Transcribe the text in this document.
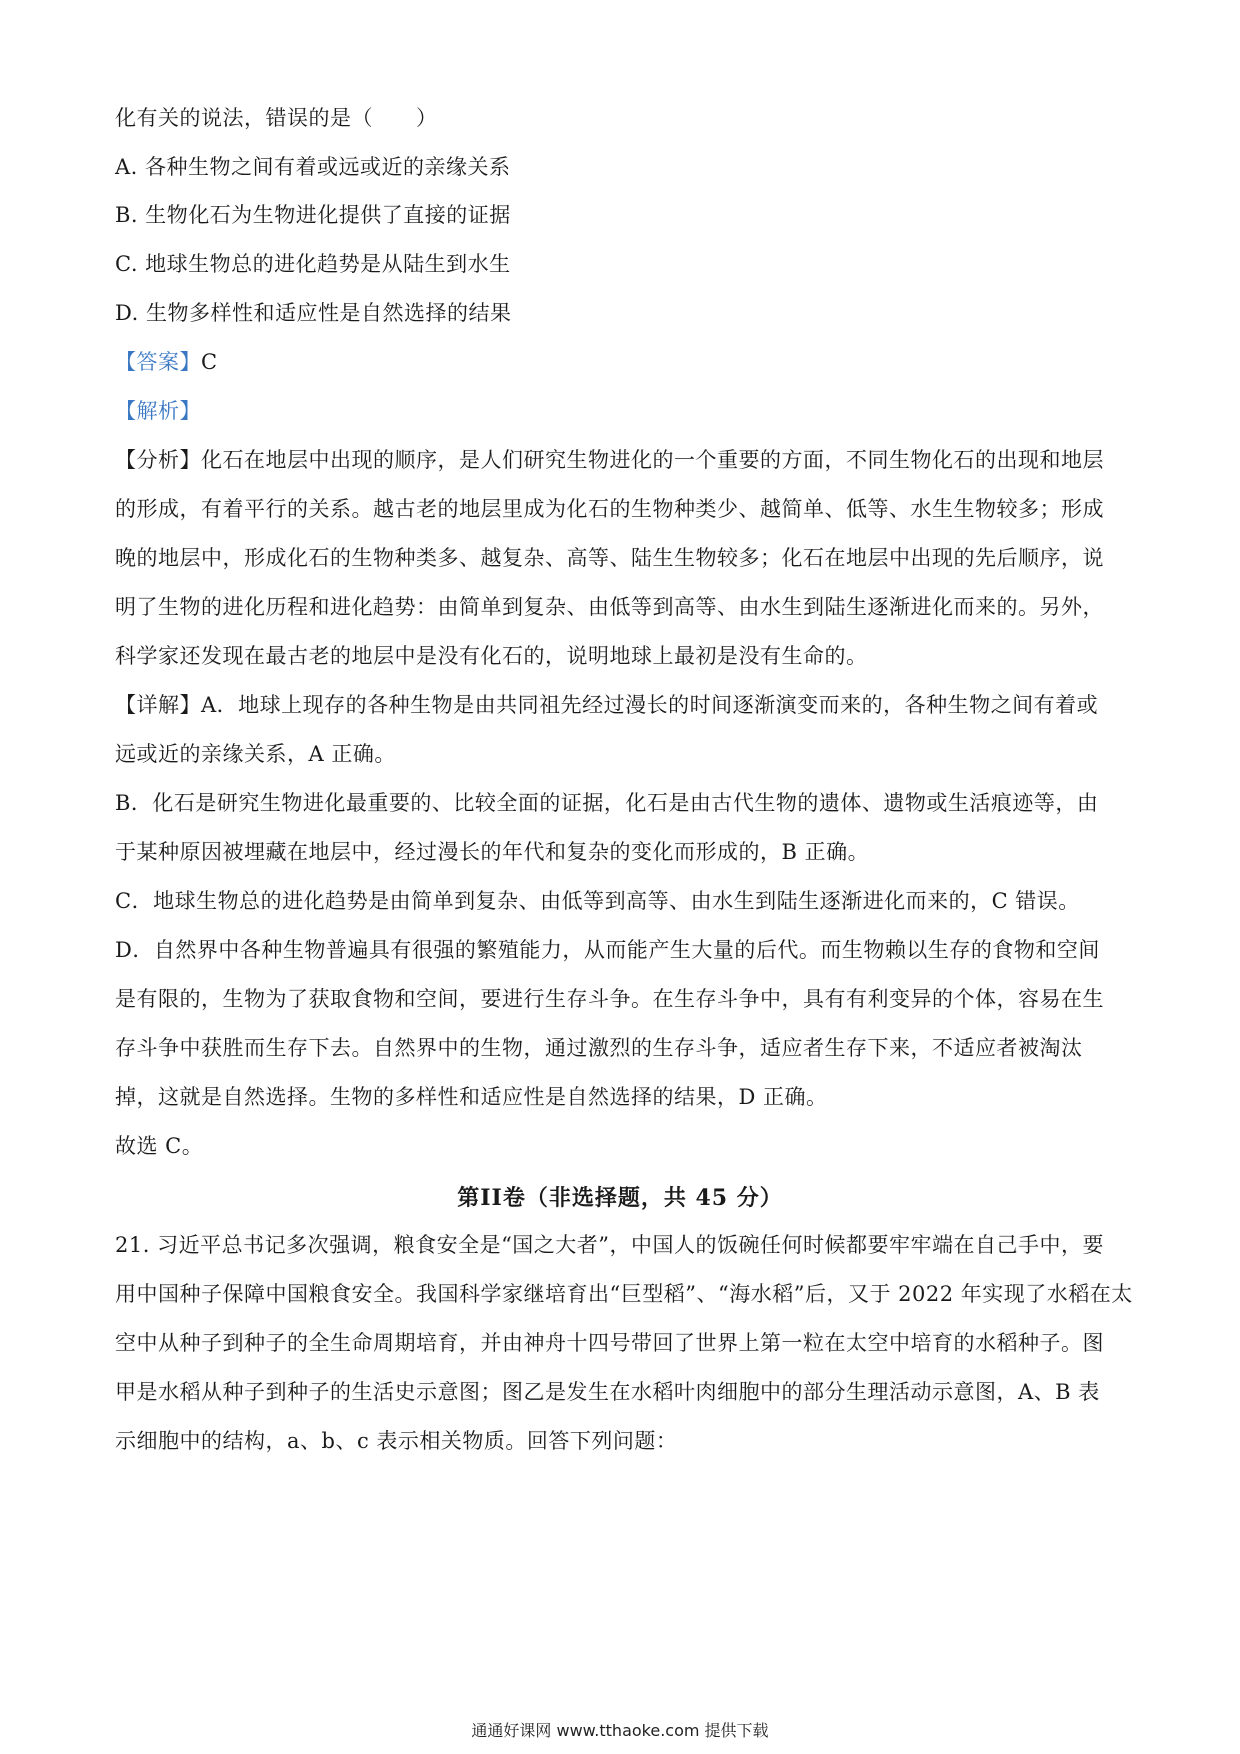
化有关的说法，错误的是（　　）
A. 各种生物之间有着或远或近的亲缘关系
B. 生物化石为生物进化提供了直接的证据
C. 地球生物总的进化趋势是从陆生到水生
D. 生物多样性和适应性是自然选择的结果
【答案】C
【解析】
【分析】化石在地层中出现的顺序，是人们研究生物进化的一个重要的方面，不同生物化石的出现和地层
的形成，有着平行的关系。越古老的地层里成为化石的生物种类少、越简单、低等、水生生物较多；形成
晚的地层中，形成化石的生物种类多、越复杂、高等、陆生生物较多；化石在地层中出现的先后顺序，说
明了生物的进化历程和进化趋势：由简单到复杂、由低等到高等、由水生到陆生逐渐进化而来的。另外，
科学家还发现在最古老的地层中是没有化石的，说明地球上最初是没有生命的。
【详解】A．地球上现存的各种生物是由共同祖先经过漫长的时间逐渐演变而来的，各种生物之间有着或
远或近的亲缘关系，A 正确。
B．化石是研究生物进化最重要的、比较全面的证据，化石是由古代生物的遗体、遗物或生活痕迹等，由
于某种原因被埋藏在地层中，经过漫长的年代和复杂的变化而形成的，B 正确。
C．地球生物总的进化趋势是由简单到复杂、由低等到高等、由水生到陆生逐渐进化而来的，C 错误。
D．自然界中各种生物普遍具有很强的繁殖能力，从而能产生大量的后代。而生物赖以生存的食物和空间
是有限的，生物为了获取食物和空间，要进行生存斗争。在生存斗争中，具有有利变异的个体，容易在生
存斗争中获胜而生存下去。自然界中的生物，通过激烈的生存斗争，适应者生存下来，不适应者被淘汰
掉，这就是自然选择。生物的多样性和适应性是自然选择的结果，D 正确。
故选 C。
第II卷（非选择题，共 45 分）
21. 习近平总书记多次强调，粮食安全是“国之大者”，中国人的饭碗任何时候都要牢牢端在自己手中，要
用中国种子保障中国粮食安全。我国科学家继培育出“巨型稻”、“海水稻”后，又于 2022 年实现了水稻在太
空中从种子到种子的全生命周期培育，并由神舟十四号带回了世界上第一粒在太空中培育的水稻种子。图
甲是水稻从种子到种子的生活史示意图；图乙是发生在水稻叶肉细胞中的部分生理活动示意图，A、B 表
示细胞中的结构，a、b、c 表示相关物质。回答下列问题：
通通好课网 www.tthaoke.com 提供下载
